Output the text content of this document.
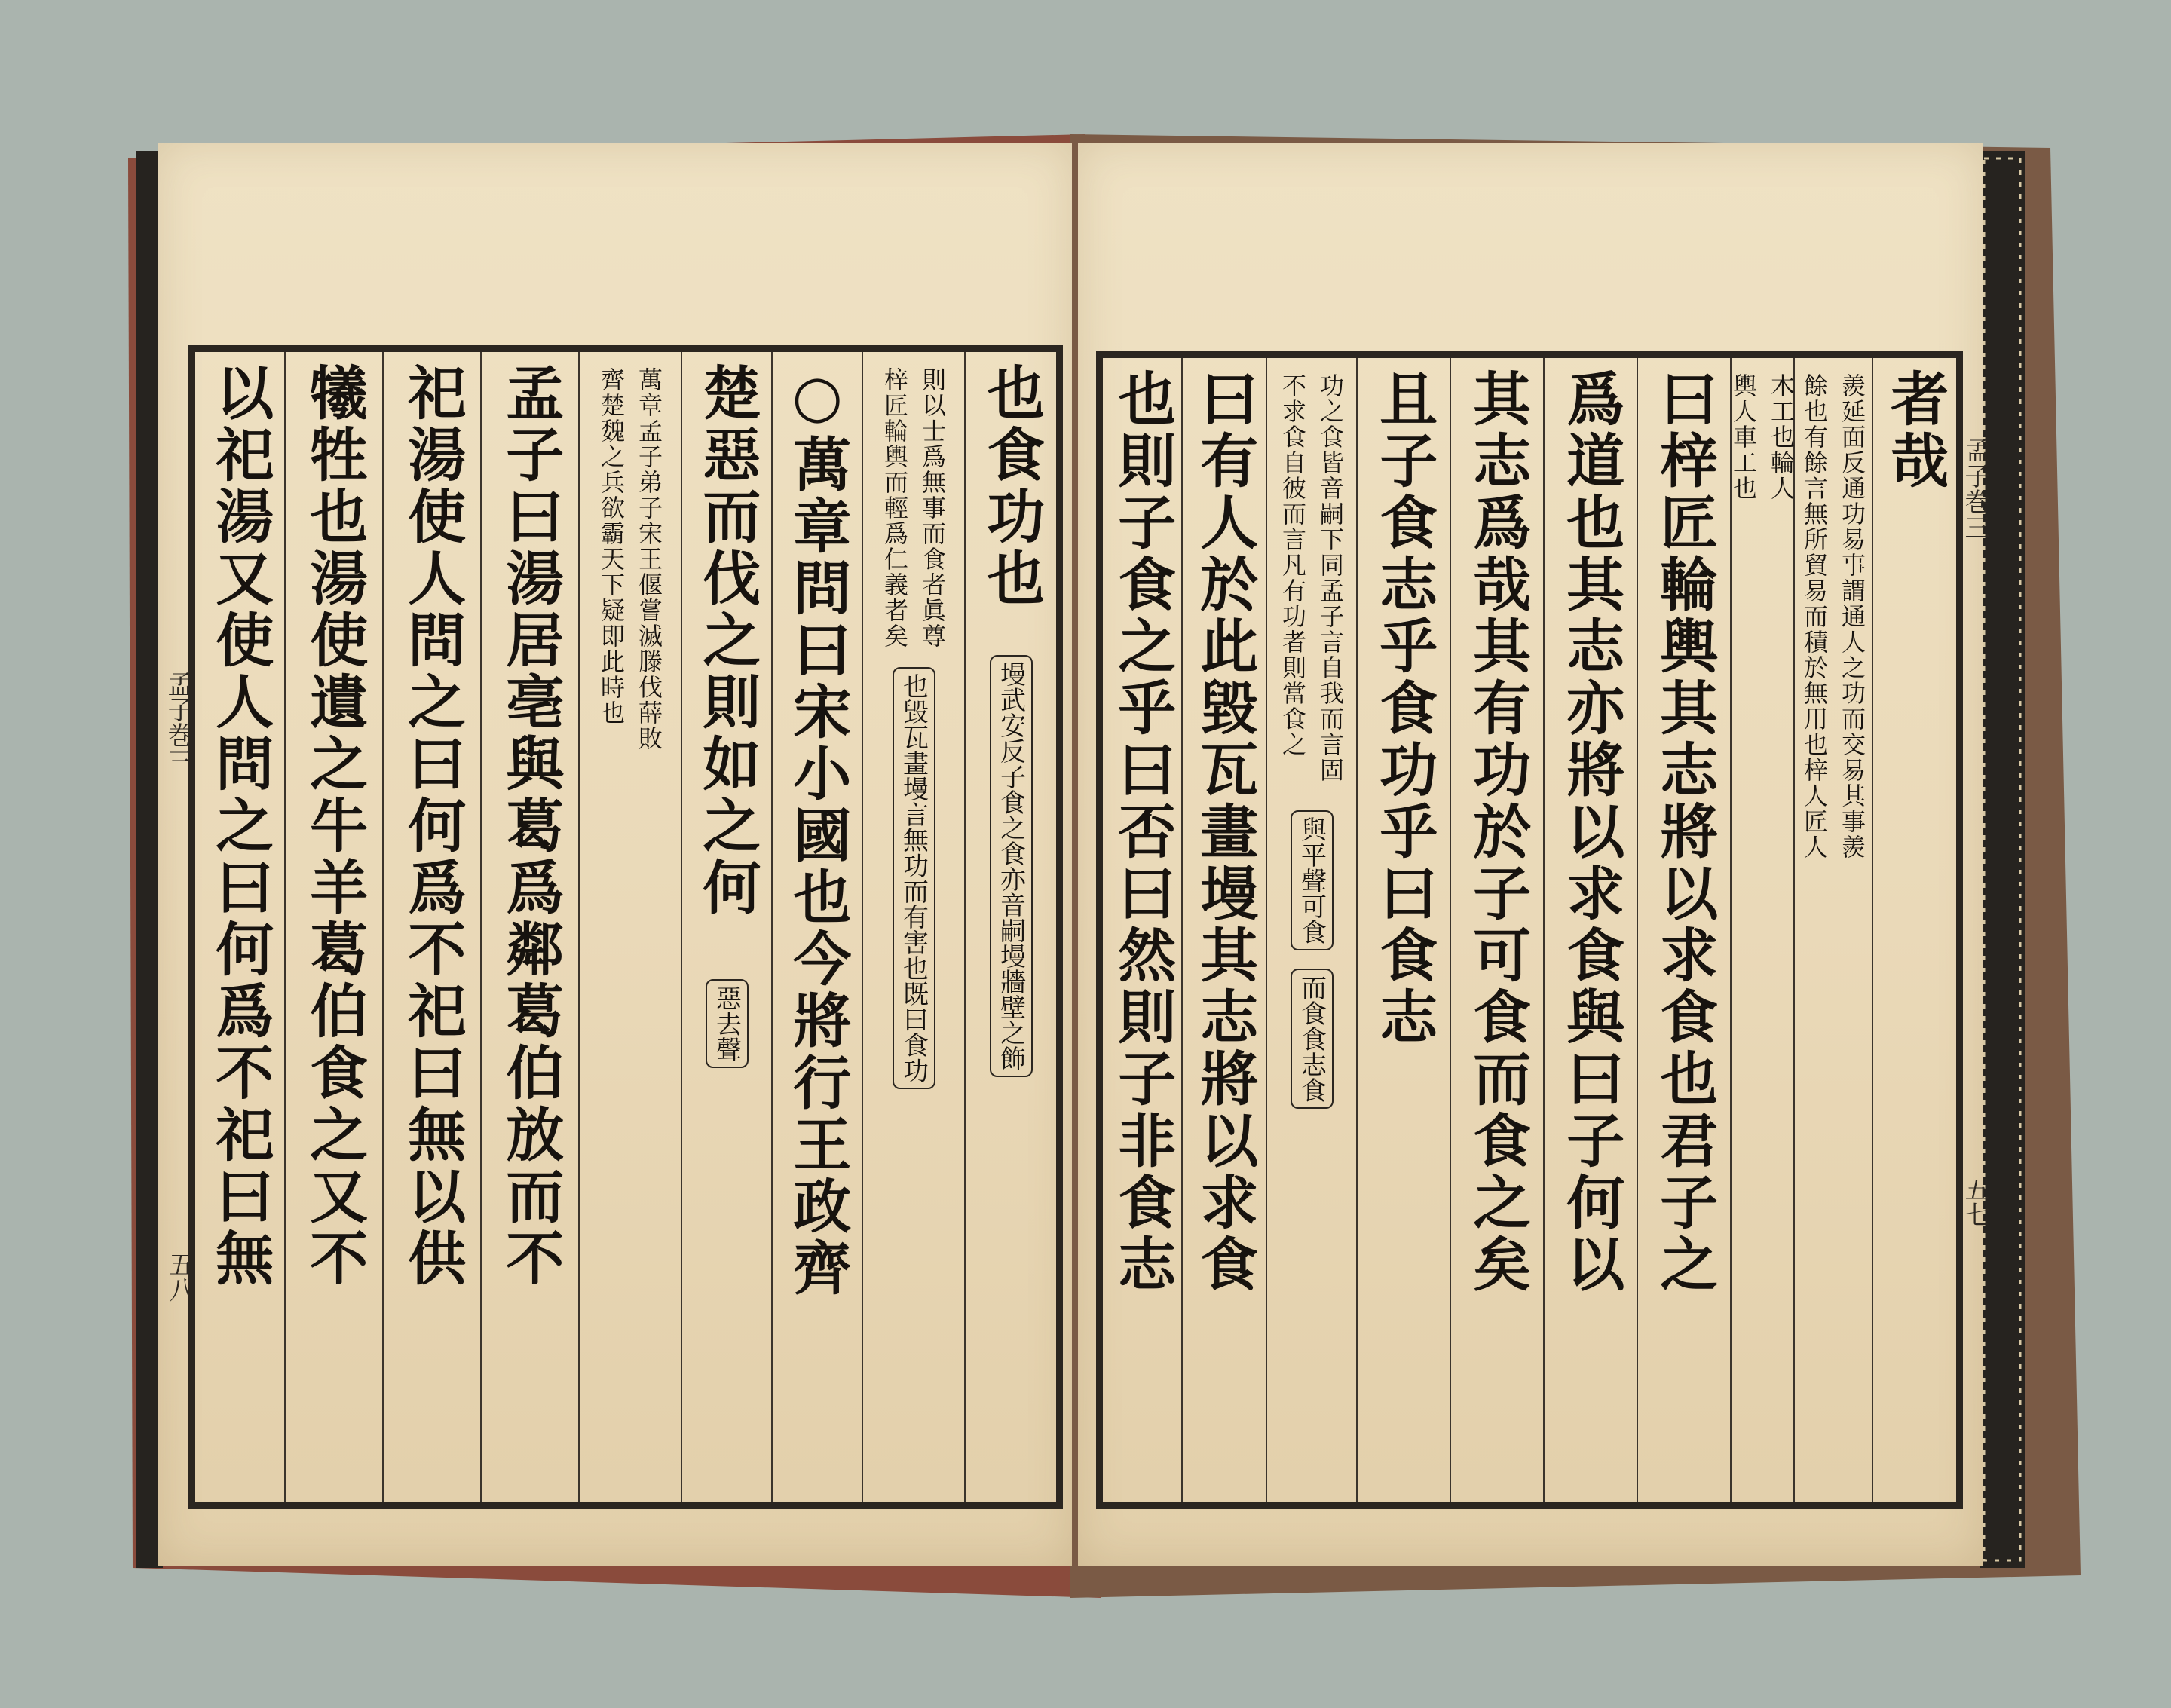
孟子巻三
五八
也食功也
墁武安反子食之食亦音嗣墁牆壁之飾
則以士爲無事而食者眞尊
梓匠輪輿而輕爲仁義者矣
也毀瓦畫墁言無功而有害也既曰食功
○萬章問曰宋小國也今將行王政齊
楚惡而伐之則如之何
惡去聲
萬章孟子弟子宋王偃嘗滅滕伐薛敗
齊楚魏之兵欲霸天下疑即此時也
孟子曰湯居亳與葛爲鄰葛伯放而不
祀湯使人問之曰何爲不祀曰無以供
犧牲也湯使遺之牛羊葛伯食之又不
以祀湯又使人問之曰何爲不祀曰無	孟子巻三
五七
者哉
羨延面反通功易事謂通人之功而交易其事羨
餘也有餘言無所貿易而積於無用也梓人匠人
木工也輪人
輿人車工也
曰梓匠輪輿其志將以求食也君子之
爲道也其志亦將以求食與曰子何以
其志爲哉其有功於子可食而食之矣
且子食志乎食功乎曰食志
功之食皆音嗣下同孟子言自我而言固
不求食自彼而言凡有功者則當食之
與平聲可食
而食食志食
曰有人於此毀瓦畫墁其志將以求食
也則子食之乎曰否曰然則子非食志
